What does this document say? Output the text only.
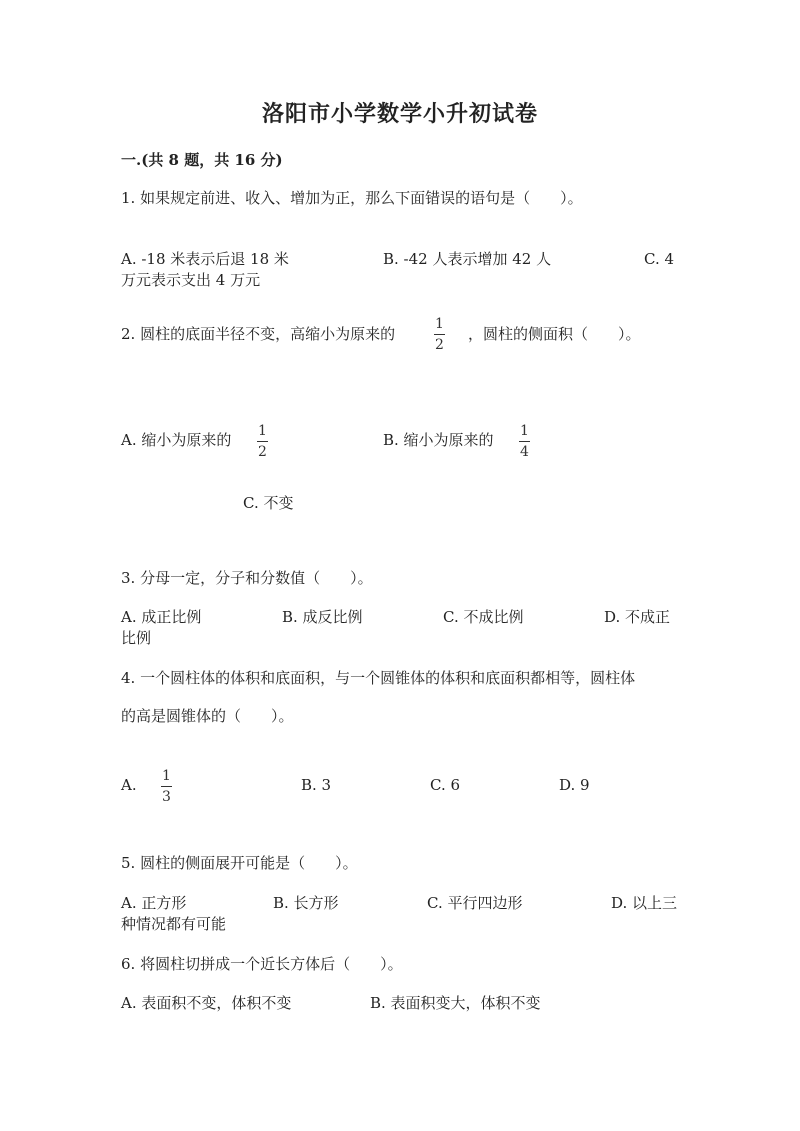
洛阳市小学数学小升初试卷
一.(共 8 题，共 16 分)
1. 如果规定前进、收入、增加为正，那么下面错误的语句是（　　）。
A. -18 米表示后退 18 米	B. -42 人表示增加 42 人	C. 4
万元表示支出 4 万元
2. 圆柱的底面半径不变，高缩小为原来的
1
2
，圆柱的侧面积（　　）。
A. 缩小为原来的 1
2
B. 缩小为原来的 1
4
C. 不变
3. 分母一定，分子和分数值（　　）。
A. 成正比例	B. 成反比例	C. 不成比例	D. 不成正
比例
4. 一个圆柱体的体积和底面积，与一个圆锥体的体积和底面积都相等，圆柱体
的高是圆锥体的（　　）。
A. 1
3
B. 3	C. 6	D. 9
5. 圆柱的侧面展开可能是（　　）。
A. 正方形	B. 长方形	C. 平行四边形	D. 以上三
种情况都有可能
6. 将圆柱切拼成一个近长方体后（　　）。
A. 表面积不变，体积不变	B. 表面积变大，体积不变
